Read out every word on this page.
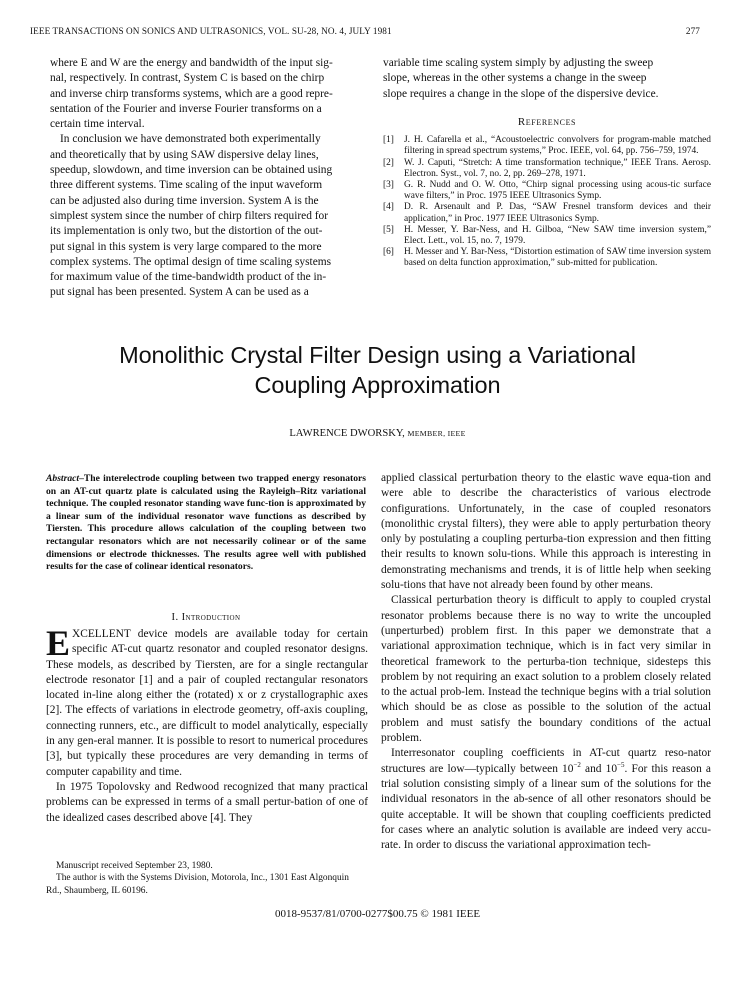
IEEE TRANSACTIONS ON SONICS AND ULTRASONICS, VOL. SU-28, NO. 4, JULY 1981	277
where E and W are the energy and bandwidth of the input sig-
nal, respectively. In contrast, System C is based on the chirp
and inverse chirp transforms systems, which are a good repre-
sentation of the Fourier and inverse Fourier transforms on a
certain time interval.
In conclusion we have demonstrated both experimentally
and theoretically that by using SAW dispersive delay lines,
speedup, slowdown, and time inversion can be obtained using
three different systems. Time scaling of the input waveform
can be adjusted also during time inversion. System A is the
simplest system since the number of chirp filters required for
its implementation is only two, but the distortion of the out-
put signal in this system is very large compared to the more
complex systems. The optimal design of time scaling systems
for maximum value of the time-bandwidth product of the in-
put signal has been presented. System A can be used as a
variable time scaling system simply by adjusting the sweep
slope, whereas in the other systems a change in the sweep
slope requires a change in the slope of the dispersive device.
References
[1] J. H. Cafarella et al., “Acoustoelectric convolvers for program-mable matched filtering in spread spectrum systems,” Proc. IEEE, vol. 64, pp. 756–759, 1974.
[2] W. J. Caputi, “Stretch: A time transformation technique,” IEEE Trans. Aerosp. Electron. Syst., vol. 7, no. 2, pp. 269–278, 1971.
[3] G. R. Nudd and O. W. Otto, “Chirp signal processing using acous-tic surface wave filters,” in Proc. 1975 IEEE Ultrasonics Symp.
[4] D. R. Arsenault and P. Das, “SAW Fresnel transform devices and their application,” in Proc. 1977 IEEE Ultrasonics Symp.
[5] H. Messer, Y. Bar-Ness, and H. Gilboa, “New SAW time inversion system,” Elect. Lett., vol. 15, no. 7, 1979.
[6] H. Messer and Y. Bar-Ness, “Distortion estimation of SAW time inversion system based on delta function approximation,” sub-mitted for publication.
Monolithic Crystal Filter Design using a Variational
Coupling Approximation
LAWRENCE DWORSKY, MEMBER, IEEE
Abstract–The interelectrode coupling between two trapped energy resonators on an AT-cut quartz plate is calculated using the Rayleigh–Ritz variational technique. The coupled resonator standing wave func-tion is approximated by a linear sum of the individual resonator wave functions as described by Tiersten. This procedure allows calculation of the coupling between two rectangular resonators which are not necessarily colinear or of the same dimensions or electrode thicknesses. The results agree well with published results for the case of colinear identical resonators.
I. Introduction

EXCELLENT device models are available today for certain specific AT-cut quartz resonator and coupled resonator designs. These models, as described by Tiersten, are for a single rectangular electrode resonator [1] and a pair of coupled rectangular resonators located in-line along either the (rotated) x or z crystallographic axes [2]. The effects of variations in electrode geometry, off-axis coupling, connecting runners, etc., are difficult to model analytically, especially in any gen-eral manner. It is possible to resort to numerical procedures [3], but typically these procedures are very demanding in terms of computer capability and time.

In 1975 Topolovsky and Redwood recognized that many practical problems can be expressed in terms of a small pertur-bation of one of the idealized cases described above [4]. They

Manuscript received September 23, 1980.

The author is with the Systems Division, Motorola, Inc., 1301 East Algonquin Rd., Shaumberg, IL 60196.

applied classical perturbation theory to the elastic wave equa-tion and were able to describe the characteristics of various electrode configurations. Unfortunately, in the case of coupled resonators (monolithic crystal filters), they were able to apply perturbation theory only by postulating a coupling perturba-tion expression and then fitting their results to known solu-tions. While this approach is interesting in demonstrating mechanisms and trends, it is of little help when seeking solu-tions that have not already been found by other means.

Classical perturbation theory is difficult to apply to coupled crystal resonator problems because there is no way to write the uncoupled (unperturbed) problem first. In this paper we demonstrate that a variational approximation technique, which is in fact very similar in theoretical framework to the perturba-tion technique, sidesteps this problem by not requiring an exact solution to a problem closely related to the actual prob-lem. Instead the technique begins with a trial solution which should be as close as possible to the solution of the actual problem and must satisfy the boundary conditions of the actual problem.

Interresonator coupling coefficients in AT-cut quartz reso-nator structures are low—typically between $10^{-2}$ and $10^{-5}$. For this reason a trial solution consisting simply of a linear sum of the solutions for the individual resonators in the ab-sence of all other resonators should be quite acceptable. It will be shown that coupling coefficients predicted for cases where an analytic solution is available are indeed very accu-rate. In order to discuss the variational approximation tech-

0018-9537/81/0700-0277$00.75 © 1981 IEEE
